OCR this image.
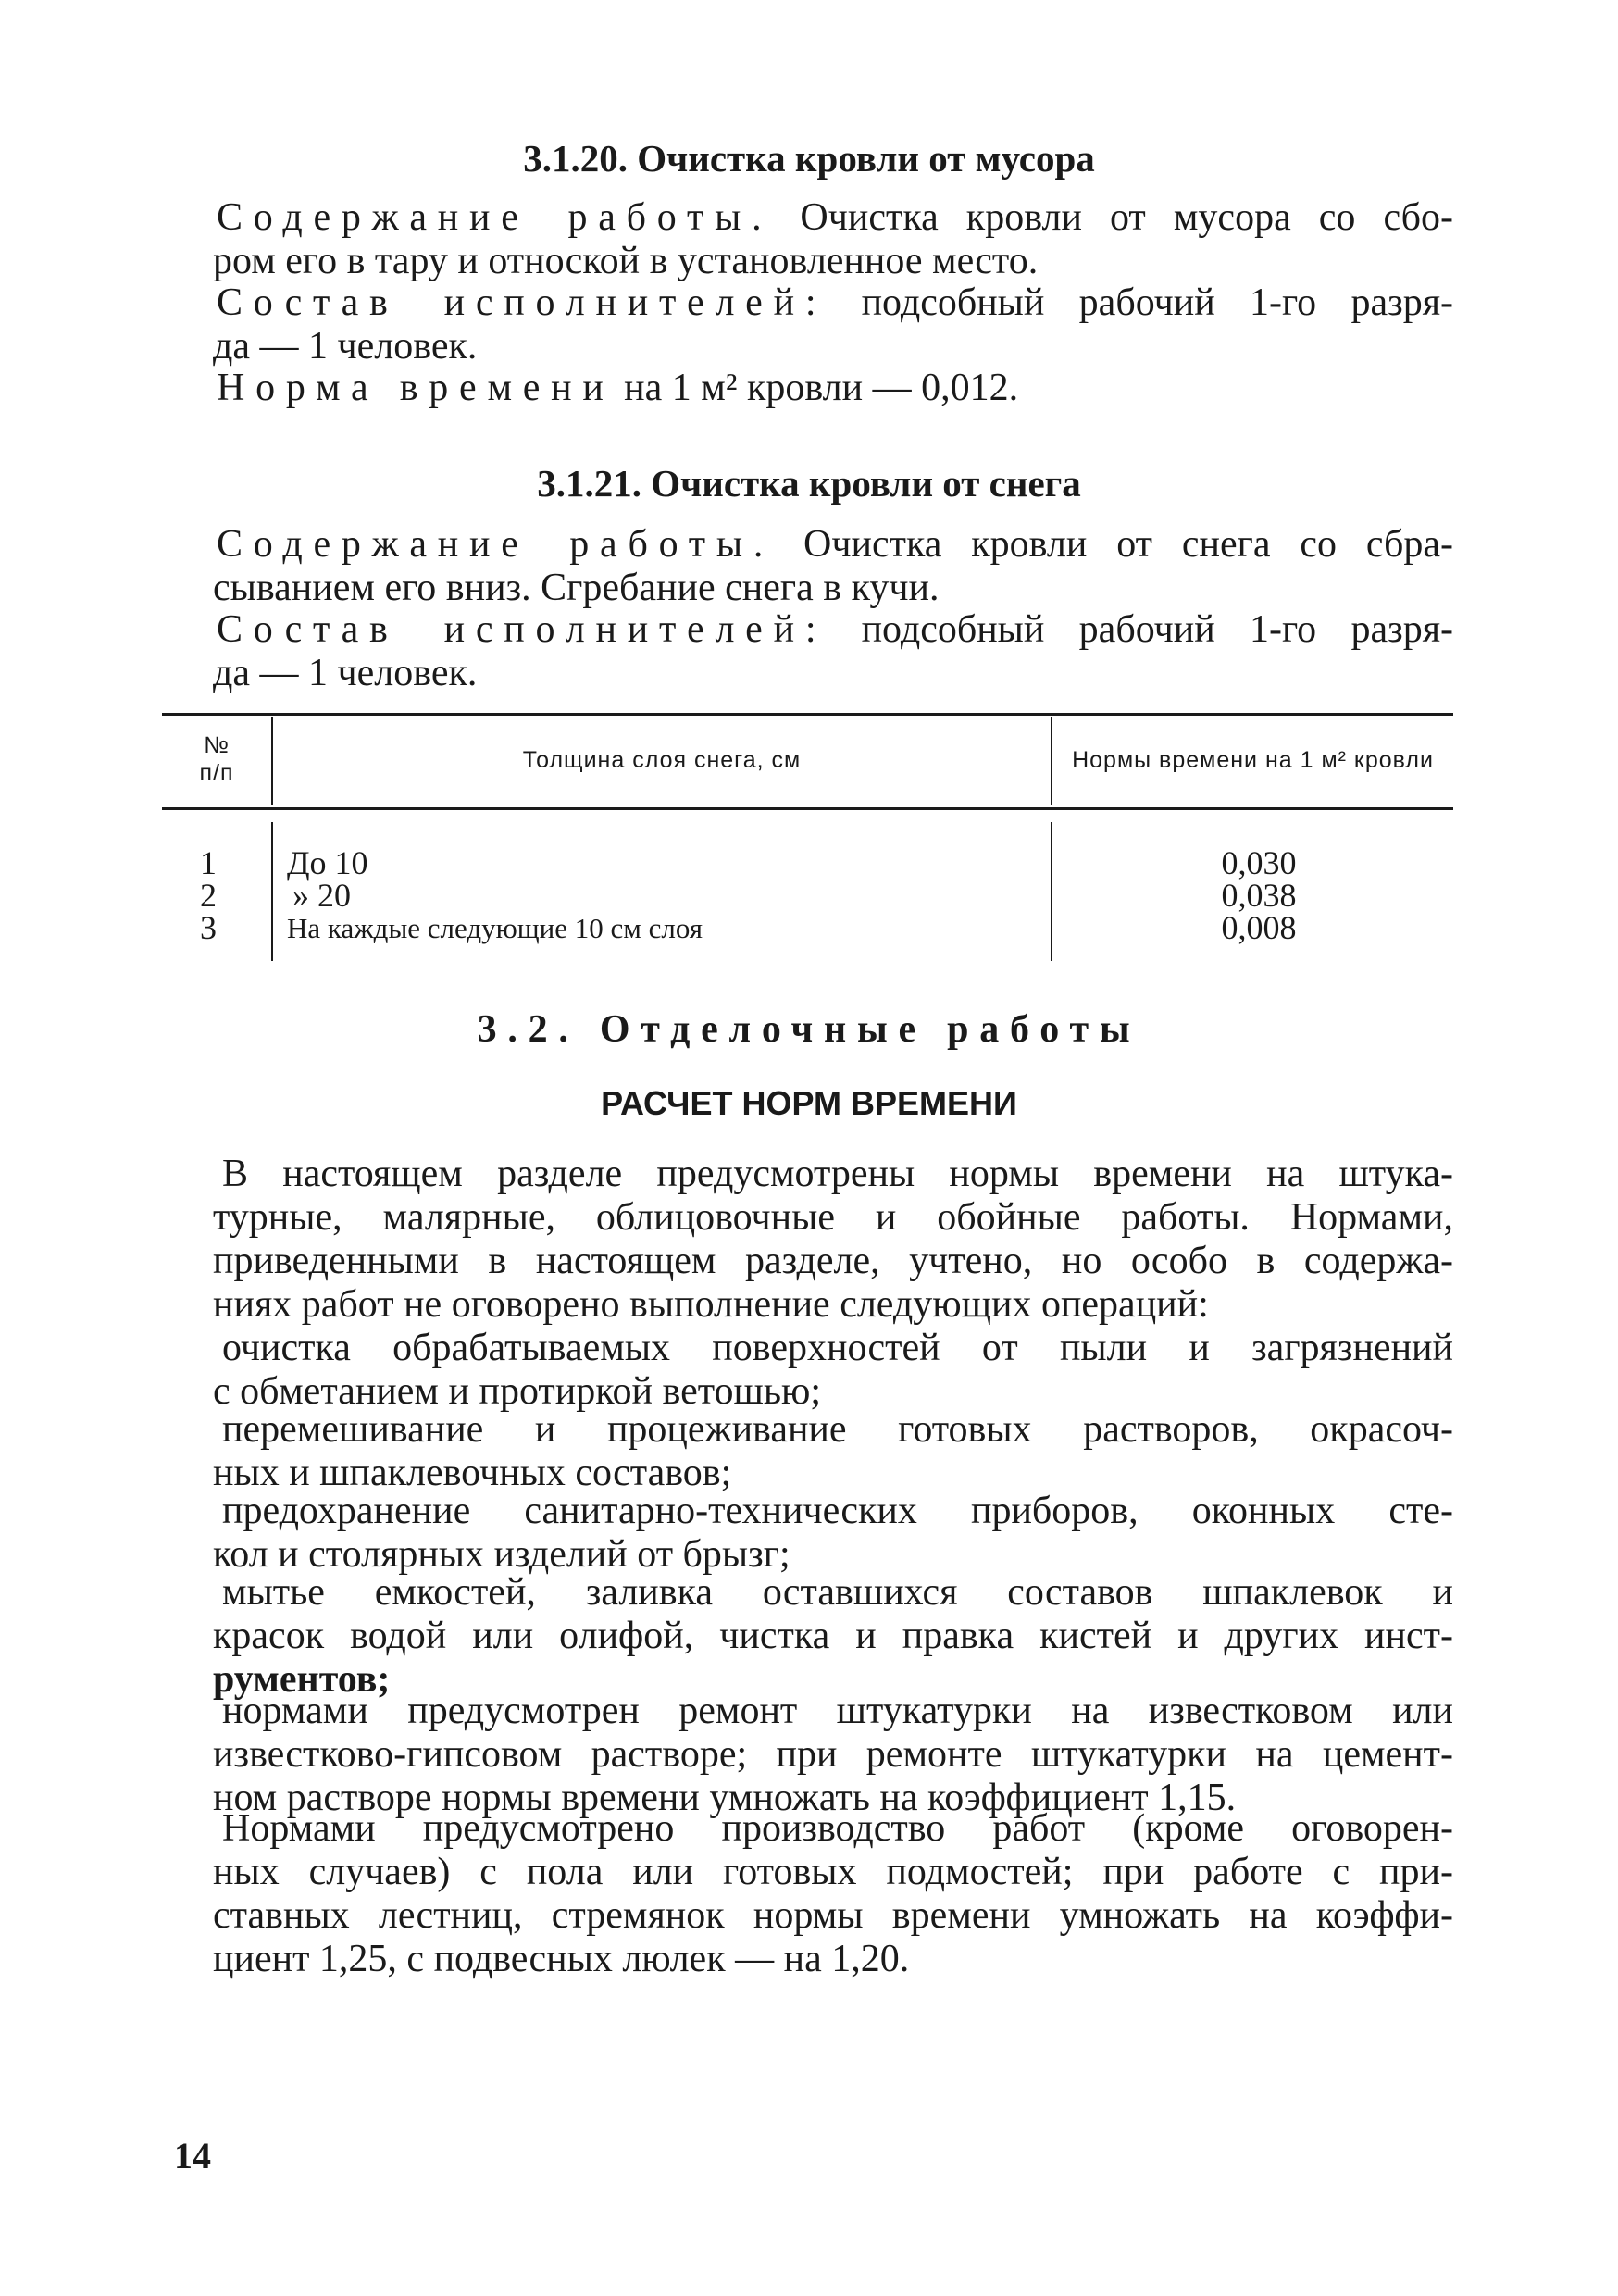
3.1.20. Очистка кровли от мусора
Содержание работы. Очистка кровли от мусора со сбо-
ром его в тару и отноской в установленное место.
Состав исполнителей: подсобный рабочий 1-го разря-
да — 1 человек.
Норма времени на 1 м² кровли — 0,012.
3.1.21. Очистка кровли от снега
Содержание работы. Очистка кровли от снега со сбра-
сыванием его вниз. Сгребание снега в кучи.
Состав исполнителей: подсобный рабочий 1-го разря-
да — 1 человек.
№
п/п	Толщина слоя снега, см	Нормы времени на 1 м² кровли
1	До 10	0,030
2	» 20	0,038
3	На каждые следующие 10 см слоя	0,008
3.2. Отделочные работы
РАСЧЕТ НОРМ ВРЕМЕНИ
В настоящем разделе предусмотрены нормы времени на штука-
турные, малярные, облицовочные и обойные работы. Нормами,
приведенными в настоящем разделе, учтено, но особо в содержа-
ниях работ не оговорено выполнение следующих операций:
очистка обрабатываемых поверхностей от пыли и загрязнений
с обметанием и протиркой ветошью;
перемешивание и процеживание готовых растворов, окрасоч-
ных и шпаклевочных составов;
предохранение санитарно-технических приборов, оконных сте-
кол и столярных изделий от брызг;
мытье емкостей, заливка оставшихся составов шпаклевок и
красок водой или олифой, чистка и правка кистей и других инст-
рументов;
нормами предусмотрен ремонт штукатурки на известковом или
известково-гипсовом растворе; при ремонте штукатурки на цемент-
ном растворе нормы времени умножать на коэффициент 1,15.
Нормами предусмотрено производство работ (кроме оговорен-
ных случаев) с пола или готовых подмостей; при работе с при-
ставных лестниц, стремянок нормы времени умножать на коэффи-
циент 1,25, с подвесных люлек — на 1,20.
14
